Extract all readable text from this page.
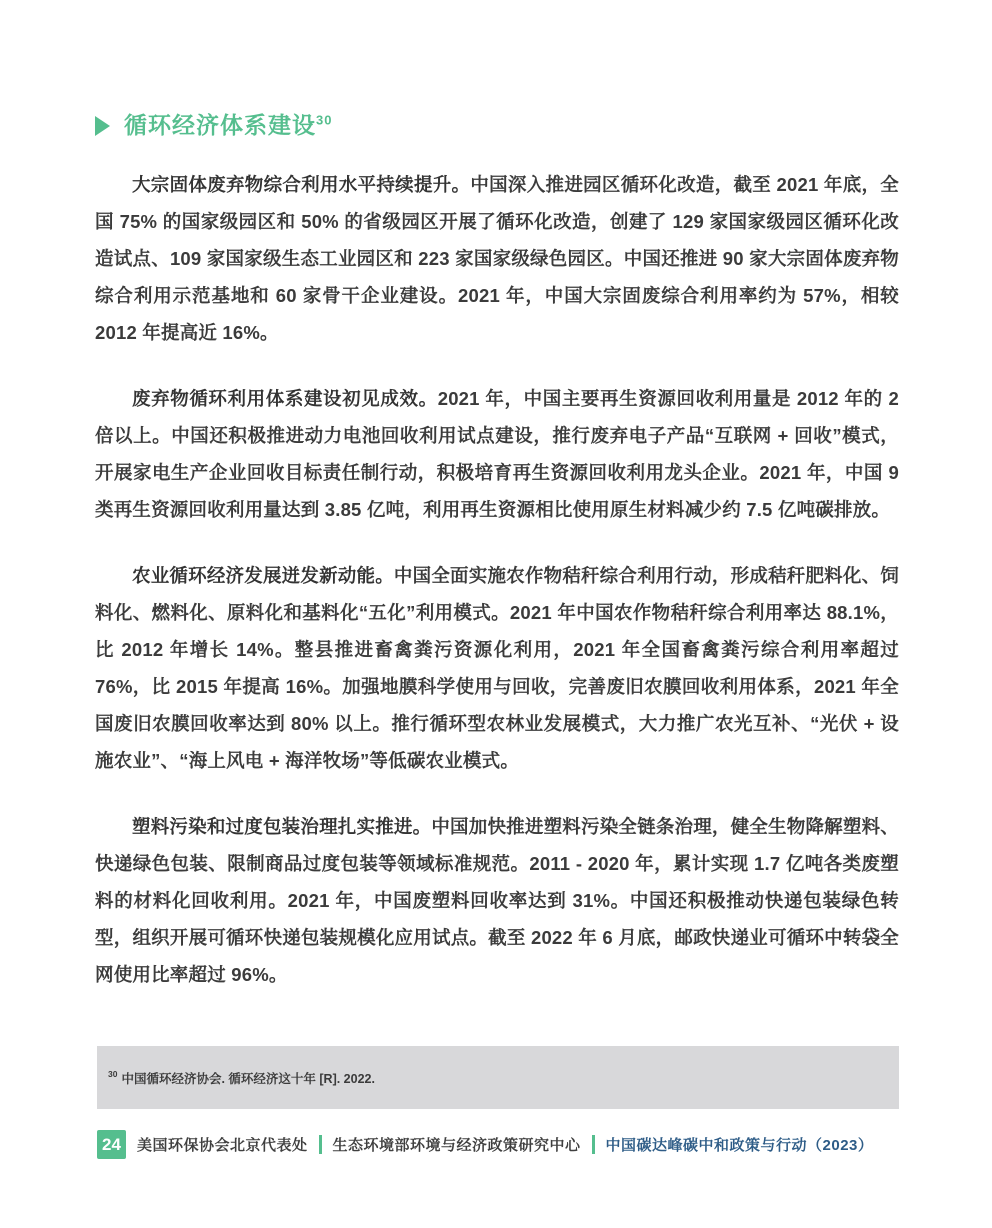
循环经济体系建设$^{30}$

大宗固体废弃物综合利用水平持续提升。中国深入推进园区循环化改造，截至 2021 年底，全国 75% 的国家级园区和 50% 的省级园区开展了循环化改造，创建了 129 家国家级园区循环化改造试点、109 家国家级生态工业园区和 223 家国家级绿色园区。中国还推进 90 家大宗固体废弃物综合利用示范基地和 60 家骨干企业建设。2021 年，中国大宗固废综合利用率约为 57%，相较 2012 年提高近 16%。

废弃物循环利用体系建设初见成效。2021 年，中国主要再生资源回收利用量是 2012 年的 2 倍以上。中国还积极推进动力电池回收利用试点建设，推行废弃电子产品“互联网 + 回收”模式，开展家电生产企业回收目标责任制行动，积极培育再生资源回收利用龙头企业。2021 年，中国 9 类再生资源回收利用量达到 3.85 亿吨，利用再生资源相比使用原生材料减少约 7.5 亿吨碳排放。

农业循环经济发展迸发新动能。中国全面实施农作物秸秆综合利用行动，形成秸秆肥料化、饲料化、燃料化、原料化和基料化“五化”利用模式。2021 年中国农作物秸秆综合利用率达 88.1%，比 2012 年增长 14%。整县推进畜禽粪污资源化利用，2021 年全国畜禽粪污综合利用率超过 76%，比 2015 年提高 16%。加强地膜科学使用与回收，完善废旧农膜回收利用体系，2021 年全国废旧农膜回收率达到 80% 以上。推行循环型农林业发展模式，大力推广农光互补、“光伏 + 设施农业”、“海上风电 + 海洋牧场”等低碳农业模式。

塑料污染和过度包装治理扎实推进。中国加快推进塑料污染全链条治理，健全生物降解塑料、快递绿色包装、限制商品过度包装等领域标准规范。2011 - 2020 年，累计实现 1.7 亿吨各类废塑料的材料化回收利用。2021 年，中国废塑料回收率达到 31%。中国还积极推动快递包装绿色转型，组织开展可循环快递包装规模化应用试点。截至 2022 年 6 月底，邮政快递业可循环中转袋全网使用比率超过 96%。

$^{30}$ 中国循环经济协会. 循环经济这十年 [R]. 2022.
24	美国环保协会北京代表处 生态环境部环境与经济政策研究中心 中国碳达峰碳中和政策与行动（2023）
